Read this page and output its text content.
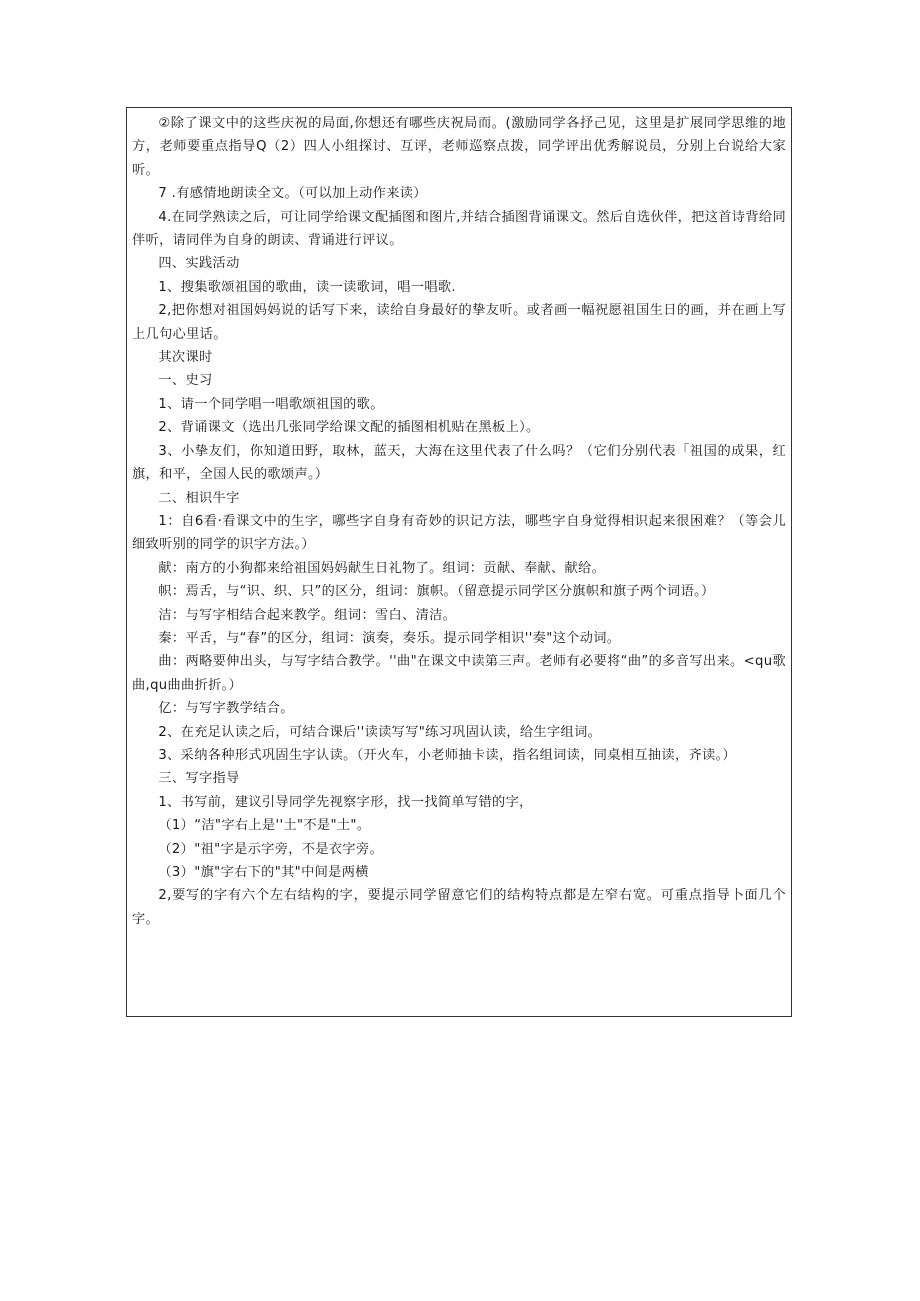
②除了课文中的这些庆祝的局面,你想还有哪些庆祝局而。(激励同学各抒己见，这里是扩展同学思维的地方，老师要重点指导Q（2）四人小组探讨、互评，老师巡察点拨，同学评出优秀解说员，分别上台说给大家听。

7 .有感情地朗读全文。（可以加上动作来读）

4.在同学熟读之后，可让同学给课文配插图和图片,并结合插图背诵课文。然后自选伙伴，把这首诗背给同伴听，请同伴为自身的朗读、背诵进行评议。

四、实践活动

1、搜集歌颂祖国的歌曲，读一读歌词，唱一唱歌.

2,把你想对祖国妈妈说的话写下来，读给自身最好的挚友听。或者画一幅祝愿祖国生日的画，并在画上写上几句心里话。

其次课时

一、史习

1、请一个同学唱一唱歌颂祖国的歌。

2、背诵课文（选出几张同学给课文配的插图相机贴在黑板上）。

3、小挚友们，你知道田野，取林，蓝天，大海在这里代表了什么吗？（它们分别代表「祖国的成果，红旗，和平，全国人民的歌颂声。）

二、相识牛字

1：自6看·看课文中的生字，哪些字自身有奇妙的识记方法，哪些字自身觉得相识起来很困难？（等会儿细致听别的同学的识字方法。）

献：南方的小狗都来给祖国妈妈献生日礼物了。组词：贡献、奉献、献给。

帜：焉舌，与“识、织、只”的区分，组词：旗帜。（留意提示同学区分旗帜和旗子两个词语。）

洁：与写字相结合起来教学。组词：雪白、清洁。

秦：平舌，与“春”的区分，组词：演奏，奏乐。提示同学相识''奏"这个动词。

曲：两略要伸出头，与写字结合教学。''曲"在课文中读第三声。老师有必要将“曲”的多音写出来。<qu歌曲,qu曲曲折折。）

亿：与写字教学结合。

2、在充足认读之后，可结合课后''读读写写"练习巩固认读，给生字组词。

3、采纳各种形式巩固生字认读。（开火车，小老师抽卡读，指名组词读，同桌相互抽读，齐读。）

三、写字指导

1、书写前，建议引导同学先视察字形，找一找简单写错的字，

（1）“洁"字右上是''土"不是"土"。

（2）"祖"字是示字旁，不是衣字旁。

（3）"旗"字右下的"其"中间是两横

2,要写的字有六个左右结构的字，要提示同学留意它们的结构特点都是左窄右宽。可重点指导卜面几个字。
